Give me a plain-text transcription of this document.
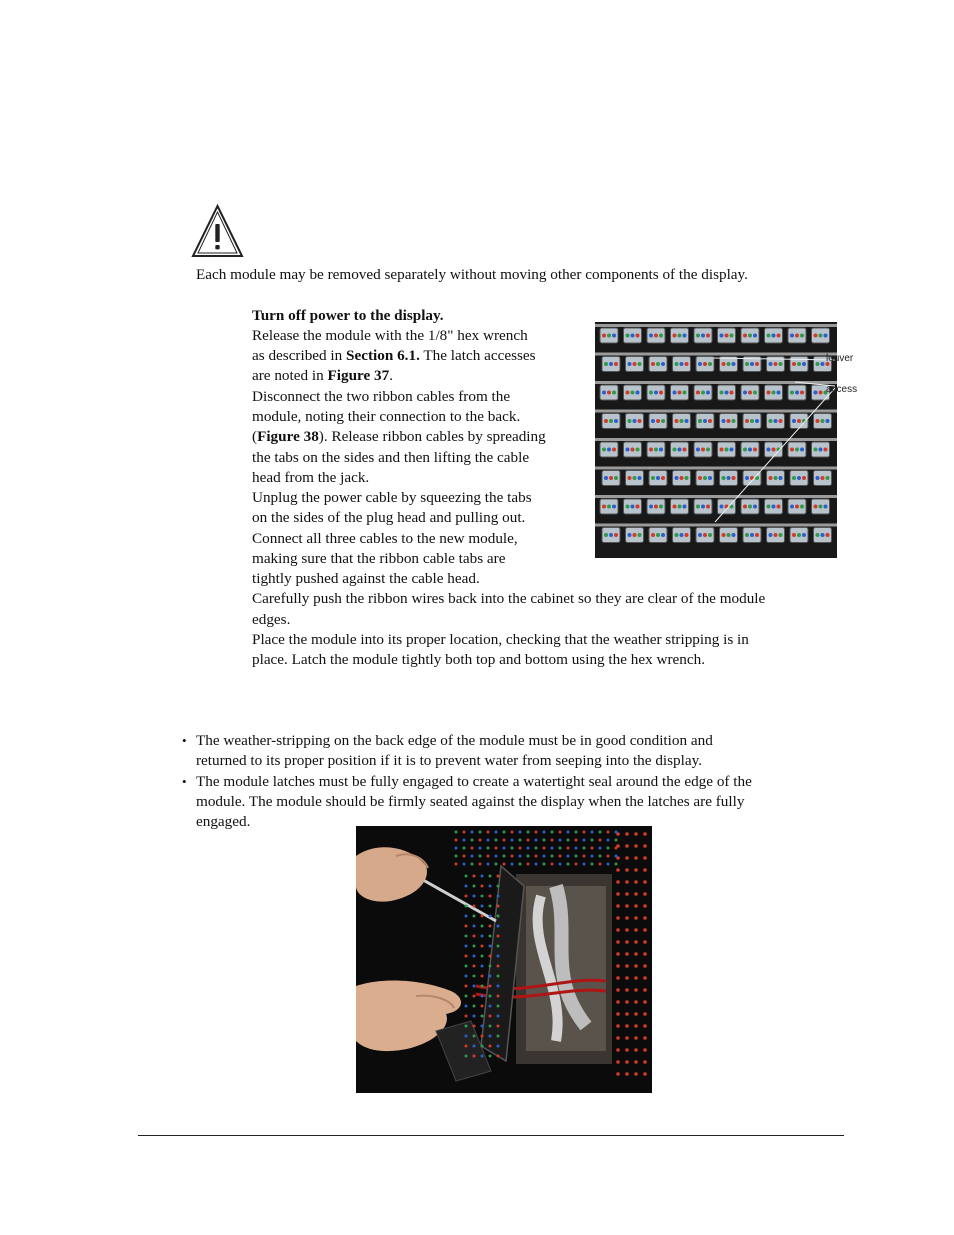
Each module may be removed separately without moving other components of the display.
Turn off power to the display.
Release the module with the 1/8" hex wrench
as described in Section 6.1. The latch accesses
are noted in Figure 37.
Disconnect the two ribbon cables from the
module, noting their connection to the back.
(Figure 38). Release ribbon cables by spreading
the tabs on the sides and then lifting the cable
head from the jack.
Unplug the power cable by squeezing the tabs
on the sides of the plug head and pulling out.
Connect all three cables to the new module,
making sure that the ribbon cable tabs are
tightly pushed against the cable head.
Carefully push the ribbon wires back into the cabinet so they are clear of the module
edges.
Place the module into its proper location, checking that the weather stripping is in
place. Latch the module tightly both top and bottom using the hex wrench.
louver
access
• The weather-stripping on the back edge of the module must be in good condition and
returned to its proper position if it is to prevent water from seeping into the display.
• The module latches must be fully engaged to create a watertight seal around the edge of the
module. The module should be firmly seated against the display when the latches are fully
engaged.
